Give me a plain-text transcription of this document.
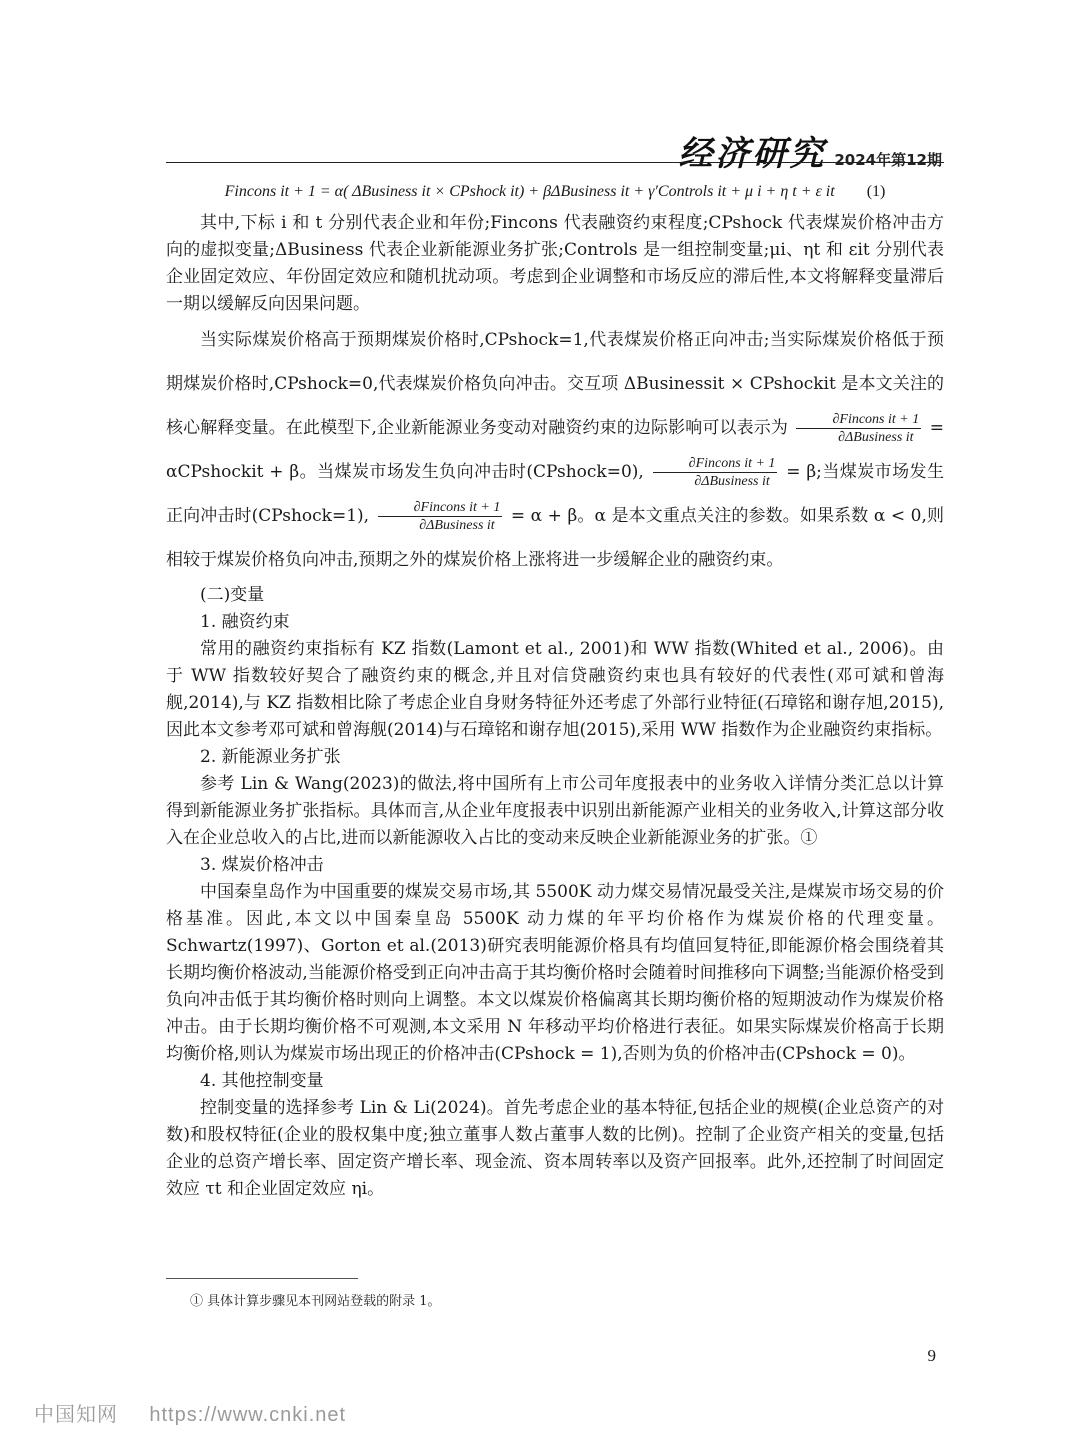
经济研究 2024年第12期
Fincons it + 1 = α( ΔBusiness it × CPshock it) + βΔBusiness it + γ′Controls it + μ i + η t + ε it (1)

其中,下标 i 和 t 分别代表企业和年份;Fincons 代表融资约束程度;CPshock 代表煤炭价格冲击方向的虚拟变量;ΔBusiness 代表企业新能源业务扩张;Controls 是一组控制变量;μi、ηt 和 εit 分别代表企业固定效应、年份固定效应和随机扰动项。考虑到企业调整和市场反应的滞后性,本文将解释变量滞后一期以缓解反向因果问题。

当实际煤炭价格高于预期煤炭价格时,CPshock=1,代表煤炭价格正向冲击;当实际煤炭价格低于预期煤炭价格时,CPshock=0,代表煤炭价格负向冲击。交互项 ΔBusinessit × CPshockit 是本文关注的核心解释变量。在此模型下,企业新能源业务变动对融资约束的边际影响可以表示为 $\frac{\text{∂Fincons it + 1}}{\text{∂ΔBusiness it}}$ = αCPshockit + β。当煤炭市场发生负向冲击时(CPshock=0), $\frac{\text{∂Fincons it + 1}}{\text{∂ΔBusiness it}} = \beta$;当煤炭市场发生正向冲击时(CPshock=1), $\frac{\text{∂Fincons it + 1}}{\text{∂ΔBusiness it}} = \alpha + \beta$。α 是本文重点关注的参数。如果系数 α < 0,则相较于煤炭价格负向冲击,预期之外的煤炭价格上涨将进一步缓解企业的融资约束。

(二)变量

1. 融资约束

常用的融资约束指标有 KZ 指数(Lamont et al., 2001)和 WW 指数(Whited et al., 2006)。由于 WW 指数较好契合了融资约束的概念,并且对信贷融资约束也具有较好的代表性(邓可斌和曾海舰,2014),与 KZ 指数相比除了考虑企业自身财务特征外还考虑了外部行业特征(石璋铭和谢存旭,2015),因此本文参考邓可斌和曾海舰(2014)与石璋铭和谢存旭(2015),采用 WW 指数作为企业融资约束指标。

2. 新能源业务扩张

参考 Lin & Wang(2023)的做法,将中国所有上市公司年度报表中的业务收入详情分类汇总以计算得到新能源业务扩张指标。具体而言,从企业年度报表中识别出新能源产业相关的业务收入,计算这部分收入在企业总收入的占比,进而以新能源收入占比的变动来反映企业新能源业务的扩张。①

3. 煤炭价格冲击

中国秦皇岛作为中国重要的煤炭交易市场,其 5500K 动力煤交易情况最受关注,是煤炭市场交易的价格基准。因此,本文以中国秦皇岛 5500K 动力煤的年平均价格作为煤炭价格的代理变量。Schwartz(1997)、Gorton et al.(2013)研究表明能源价格具有均值回复特征,即能源价格会围绕着其长期均衡价格波动,当能源价格受到正向冲击高于其均衡价格时会随着时间推移向下调整;当能源价格受到负向冲击低于其均衡价格时则向上调整。本文以煤炭价格偏离其长期均衡价格的短期波动作为煤炭价格冲击。由于长期均衡价格不可观测,本文采用 N 年移动平均价格进行表征。如果实际煤炭价格高于长期均衡价格,则认为煤炭市场出现正的价格冲击(CPshock = 1),否则为负的价格冲击(CPshock = 0)。

4. 其他控制变量

控制变量的选择参考 Lin & Li(2024)。首先考虑企业的基本特征,包括企业的规模(企业总资产的对数)和股权特征(企业的股权集中度;独立董事人数占董事人数的比例)。控制了企业资产相关的变量,包括企业的总资产增长率、固定资产增长率、现金流、资本周转率以及资产回报率。此外,还控制了时间固定效应 τt 和企业固定效应 ηi。

① 具体计算步骤见本刊网站登载的附录 1。
9
中国知网 https://www.cnki.net
